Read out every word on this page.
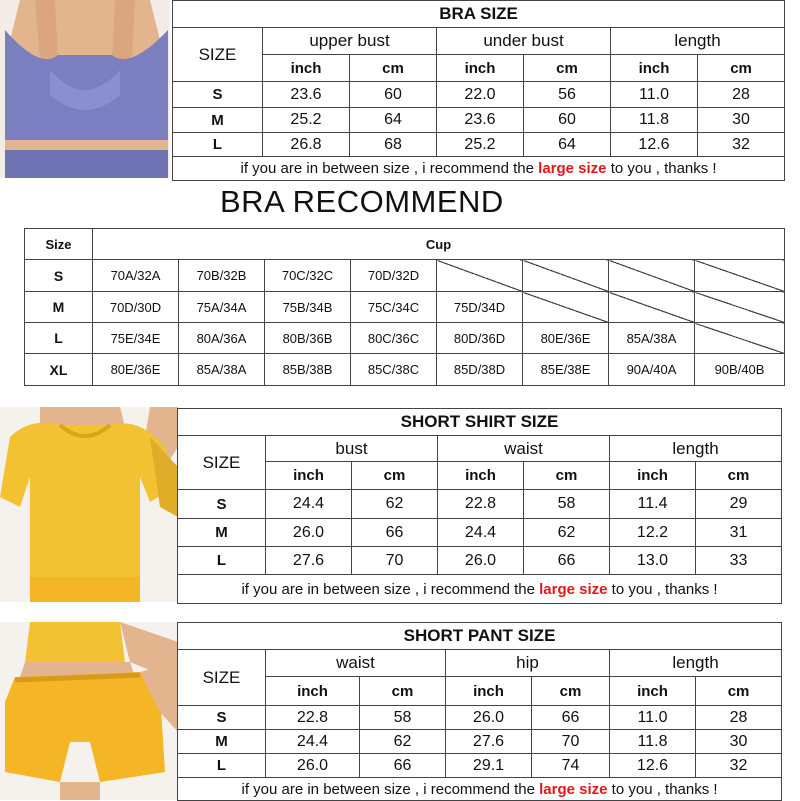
BRA SIZE						
SIZE	upper bust		under bust		length	
	inch	cm	inch	cm	inch	cm
S	23.6	60	22.0	56	11.0	28
M	25.2	64	23.6	60	11.8	30
L	26.8	68	25.2	64	12.6	32
if you are in between size , i recommend the large size to you , thanks !						
BRA RECOMMEND
Size	Cup							
S	70A/32A	70B/32B	70C/32C	70D/32D				
M	70D/30D	75A/34A	75B/34B	75C/34C	75D/34D			
L	75E/34E	80A/36A	80B/36B	80C/36C	80D/36D	80E/36E	85A/38A	
XL	80E/36E	85A/38A	85B/38B	85C/38C	85D/38D	85E/38E	90A/40A	90B/40B
SHORT SHIRT SIZE						
SIZE	bust		waist		length	
	inch	cm	inch	cm	inch	cm
S	24.4	62	22.8	58	11.4	29
M	26.0	66	24.4	62	12.2	31
L	27.6	70	26.0	66	13.0	33
if you are in between size , i recommend the large size to you , thanks !						
SHORT PANT SIZE						
SIZE	waist		hip		length	
	inch	cm	inch	cm	inch	cm
S	22.8	58	26.0	66	11.0	28
M	24.4	62	27.6	70	11.8	30
L	26.0	66	29.1	74	12.6	32
if you are in between size , i recommend the large size to you , thanks !						
